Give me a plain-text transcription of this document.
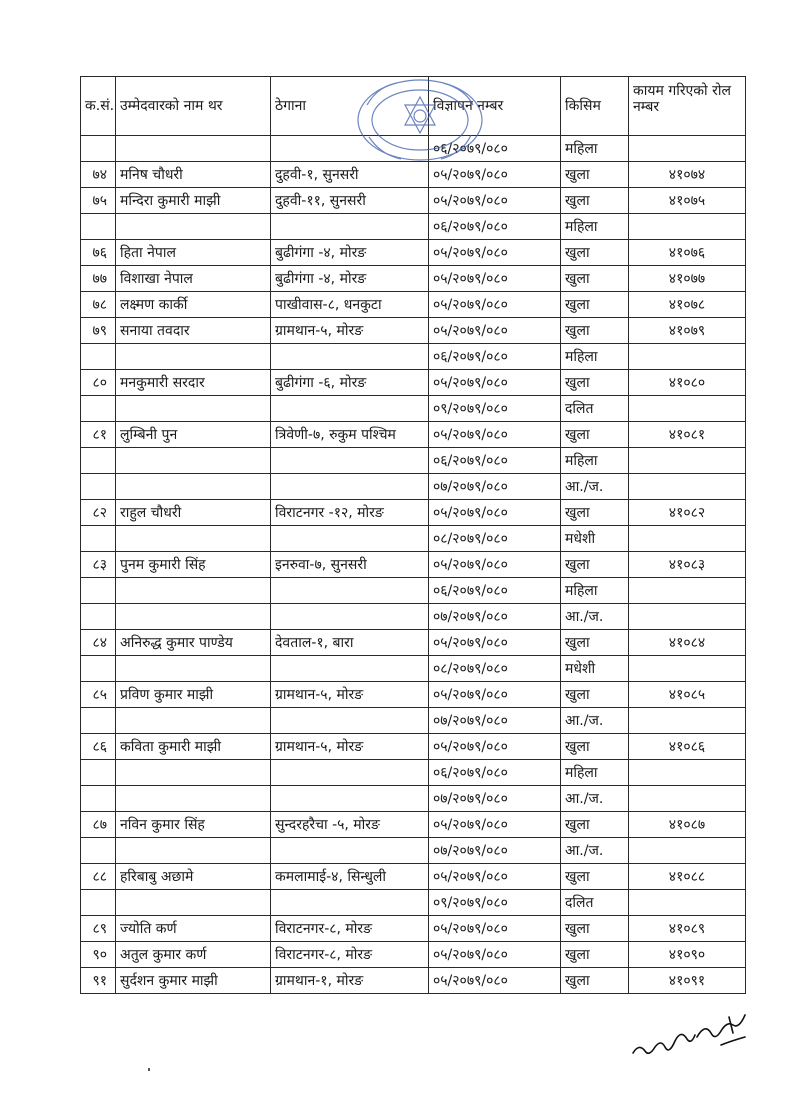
क.सं.	उम्मेदवारको नाम थर	ठेगाना	विज्ञापन नम्बर	किसिम	कायम गरिएको रोल नम्बर
			०६/२०७९/०८०	महिला	
७४	मनिष चौधरी	दुहवी-१, सुनसरी	०५/२०७९/०८०	खुला	४१०७४
७५	मन्दिरा कुमारी माझी	दुहवी-११, सुनसरी	०५/२०७९/०८०	खुला	४१०७५
			०६/२०७९/०८०	महिला	
७६	हिता नेपाल	बुढीगंगा -४, मोरङ	०५/२०७९/०८०	खुला	४१०७६
७७	विशाखा नेपाल	बुढीगंगा -४, मोरङ	०५/२०७९/०८०	खुला	४१०७७
७८	लक्ष्मण कार्की	पाखीवास-८, धनकुटा	०५/२०७९/०८०	खुला	४१०७८
७९	सनाया तवदार	ग्रामथान-५, मोरङ	०५/२०७९/०८०	खुला	४१०७९
			०६/२०७९/०८०	महिला	
८०	मनकुमारी सरदार	बुढीगंगा -६, मोरङ	०५/२०७९/०८०	खुला	४१०८०
			०९/२०७९/०८०	दलित	
८१	लुम्बिनी पुन	त्रिवेणी-७, रुकुम पश्चिम	०५/२०७९/०८०	खुला	४१०८१
			०६/२०७९/०८०	महिला	
			०७/२०७९/०८०	आ./ज.	
८२	राहुल चौधरी	विराटनगर -१२, मोरङ	०५/२०७९/०८०	खुला	४१०८२
			०८/२०७९/०८०	मधेशी	
८३	पुनम कुमारी सिंह	इनरुवा-७, सुनसरी	०५/२०७९/०८०	खुला	४१०८३
			०६/२०७९/०८०	महिला	
			०७/२०७९/०८०	आ./ज.	
८४	अनिरुद्ध कुमार पाण्डेय	देवताल-१, बारा	०५/२०७९/०८०	खुला	४१०८४
			०८/२०७९/०८०	मधेशी	
८५	प्रविण कुमार माझी	ग्रामथान-५, मोरङ	०५/२०७९/०८०	खुला	४१०८५
			०७/२०७९/०८०	आ./ज.	
८६	कविता कुमारी माझी	ग्रामथान-५, मोरङ	०५/२०७९/०८०	खुला	४१०८६
			०६/२०७९/०८०	महिला	
			०७/२०७९/०८०	आ./ज.	
८७	नविन कुमार सिंह	सुन्दरहरैचा -५, मोरङ	०५/२०७९/०८०	खुला	४१०८७
			०७/२०७९/०८०	आ./ज.	
८८	हरिबाबु अछामे	कमलामाई-४, सिन्धुली	०५/२०७९/०८०	खुला	४१०८८
			०९/२०७९/०८०	दलित	
८९	ज्योति कर्ण	विराटनगर-८, मोरङ	०५/२०७९/०८०	खुला	४१०८९
९०	अतुल कुमार कर्ण	विराटनगर-८, मोरङ	०५/२०७९/०८०	खुला	४१०९०
९१	सुर्दशन कुमार माझी	ग्रामथान-१, मोरङ	०५/२०७९/०८०	खुला	४१०९१
